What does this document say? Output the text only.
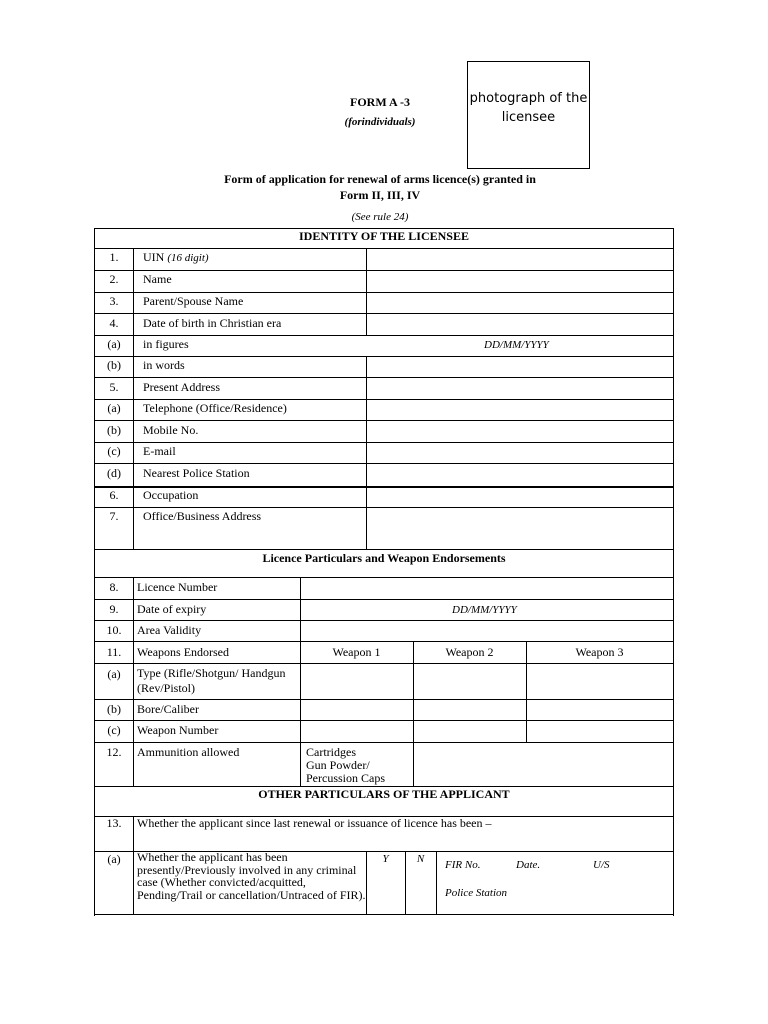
FORM A -3
(forindividuals)
photograph of the licensee
Form of application for renewal of arms licence(s) granted in
Form II, III, IV
(See rule 24)
IDENTITY OF THE LICENSEE
1.	UIN (16 digit)
2.	Name
3.	Parent/Spouse Name
4.	Date of birth in Christian era
(a)	in figures	DD/MM/YYYY
(b)	in words
5.	Present Address
(a)	Telephone (Office/Residence)
(b)	Mobile No.
(c)	E-mail
(d)	Nearest Police Station
6.	Occupation
7.	Office/Business Address
Licence Particulars and Weapon Endorsements
8.	Licence Number
9.	Date of expiry	DD/MM/YYYY
10.	Area Validity
11.	Weapons Endorsed	Weapon 1	Weapon 2	Weapon 3
(a)	Type (Rifle/Shotgun/ Handgun
(Rev/Pistol)
(b)	Bore/Caliber
(c)	Weapon Number
12.	Ammunition allowed	Cartridges
Gun Powder/
Percussion Caps
OTHER PARTICULARS OF THE APPLICANT
13.	Whether the applicant since last renewal or issuance of licence has been –
(a)	Whether the applicant has been
presently/Previously involved in any criminal
case (Whether convicted/acquitted,
Pending/Trail or cancellation/Untraced of FIR).
Y	N	FIR No.	Date.	U/S
Police Station
